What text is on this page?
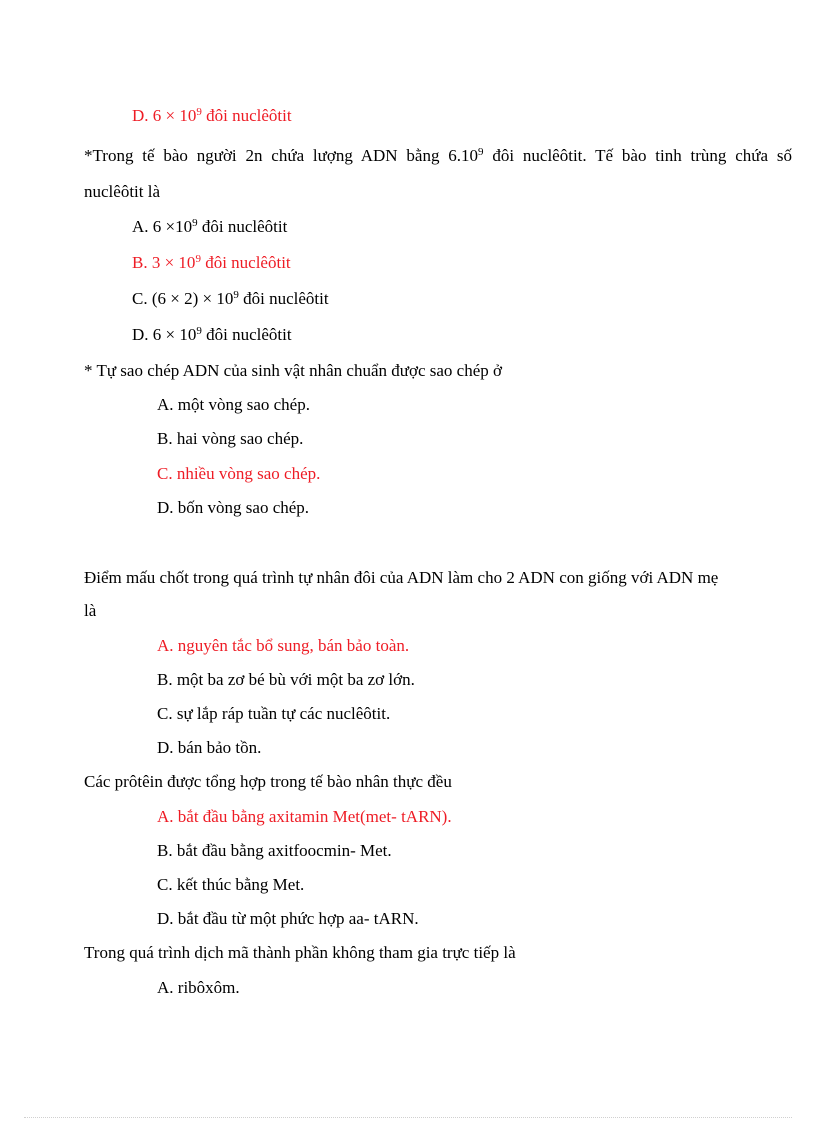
D. $6 \times 10^9$ đôi nuclêôtit
*Trong tế bào người 2n chứa lượng ADN bằng 6.10$^9$ đôi nuclêôtit. Tế bào tinh trùng chứa số
nuclêôtit là
A. $6 \times 10^9$ đôi nuclêôtit
B. $3 \times 10^9$ đôi nuclêôtit
C. $(6 \times 2) \times 10^9$ đôi nuclêôtit
D. $6 \times 10^9$ đôi nuclêôtit
* Tự sao chép ADN của sinh vật nhân chuẩn được sao chép ở
A. một vòng sao chép.
B. hai vòng sao chép.
C. nhiều vòng sao chép.
D. bốn vòng sao chép.
Điểm mấu chốt trong quá trình tự nhân đôi của ADN làm cho 2 ADN con giống với ADN mẹ
là
A. nguyên tắc bổ sung, bán bảo toàn.
B. một ba zơ bé bù với một ba zơ lớn.
C. sự lắp ráp tuần tự các nuclêôtit.
D. bán bảo tồn.
Các prôtêin được tổng hợp trong tế bào nhân thực đều
A. bắt đầu bằng axitamin Met(met- tARN).
B. bắt đầu bằng axitfoocmin- Met.
C. kết thúc bằng Met.
D. bắt đầu từ một phức hợp aa- tARN.
Trong quá trình dịch mã thành phần không tham gia trực tiếp là
A. ribôxôm.
